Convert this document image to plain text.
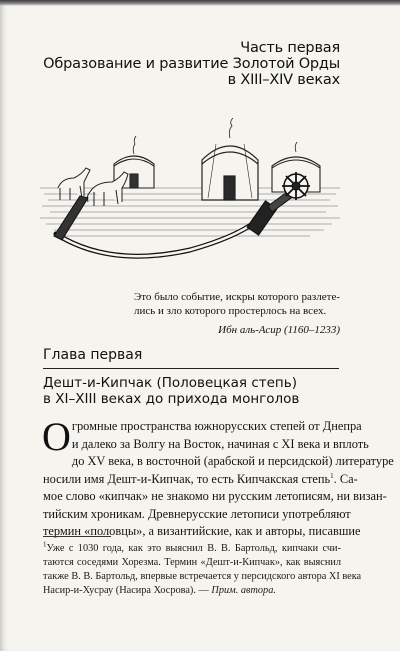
Часть первая
Образование и развитие Золотой Орды
в XIII–XIV веках
Это было событие, искры которого разлете-
лись и зло которого простерлось на всех.
Ибн аль-Асир (1160–1233)
Глава первая
Дешт-и-Кипчак (Половецкая степь)
в XI–XIII веках до прихода монголов
О громные пространства южнорусских степей от Днепра
и далеко за Волгу на Восток, начиная с XI века и вплоть
до XV века, в восточной (арабской и персидской) литературе
носили имя Дешт-и-Кипчак, то есть Кипчакская степь$^1$. Са-
мое слово «кипчак» не знакомо ни русским летописям, ни визан-
тийским хроникам. Древнерусские летописи употребляют
термин «половцы», а византийские, как и авторы, писавшие
$^1$Уже с 1030 года, как это выяснил В. В. Бартольд, кипчаки счи-
таются соседями Хорезма. Термин «Дешт-и-Кипчак», как выяснил
также В. В. Бартольд, впервые встречается у персидского автора XI века
Насир-и-Хусрау (Насира Хосрова). — Прим. автора.
